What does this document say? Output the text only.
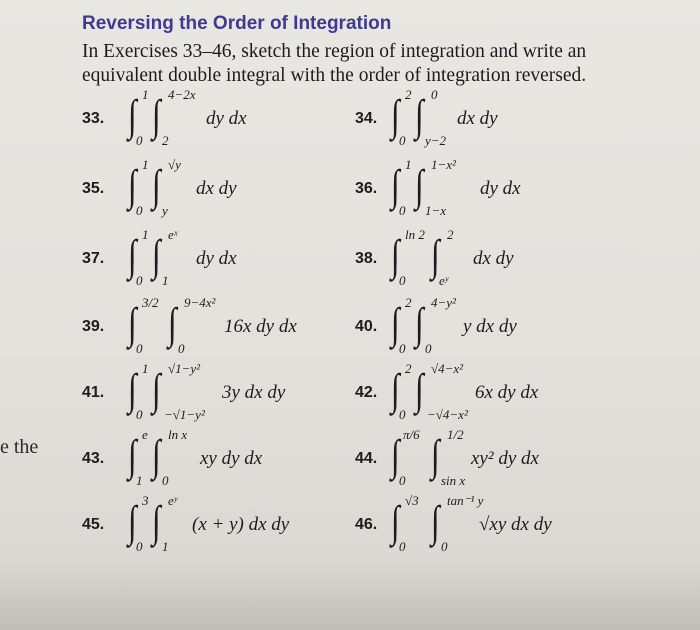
e the
Reversing the Order of Integration
In Exercises 33–46, sketch the region of integration and write an equivalent double integral with the order of integration reversed.
33. ∫ ∫
1
0
4−2x
2
dy dx	34. ∫ ∫
2
0
0
y−2
dx dy
35. ∫ ∫
1
0
√y
y
dx dy	36. ∫ ∫
1
0
1−x²
1−x
dy dx
37. ∫ ∫
1
0
eˣ
1
dy dx	38. ∫ ∫
ln 2
0
2
eʸ
dx dy
39. ∫ ∫
3/2
0
9−4x²
0
16x dy dx	40. ∫ ∫
2
0
4−y²
0
y dx dy
41. ∫ ∫
1
0
√1−y²
−√1−y²
3y dx dy	42. ∫ ∫
2
0
√4−x²
−√4−x²
6x dy dx
43. ∫ ∫
e
1
ln x
0
xy dy dx	44. ∫ ∫
π/6
0
1/2
sin x
xy² dy dx
45. ∫ ∫
3
0
eʸ
1
(x + y) dx dy	46. ∫ ∫
√3
0
tan⁻¹ y
0
√xy dx dy
